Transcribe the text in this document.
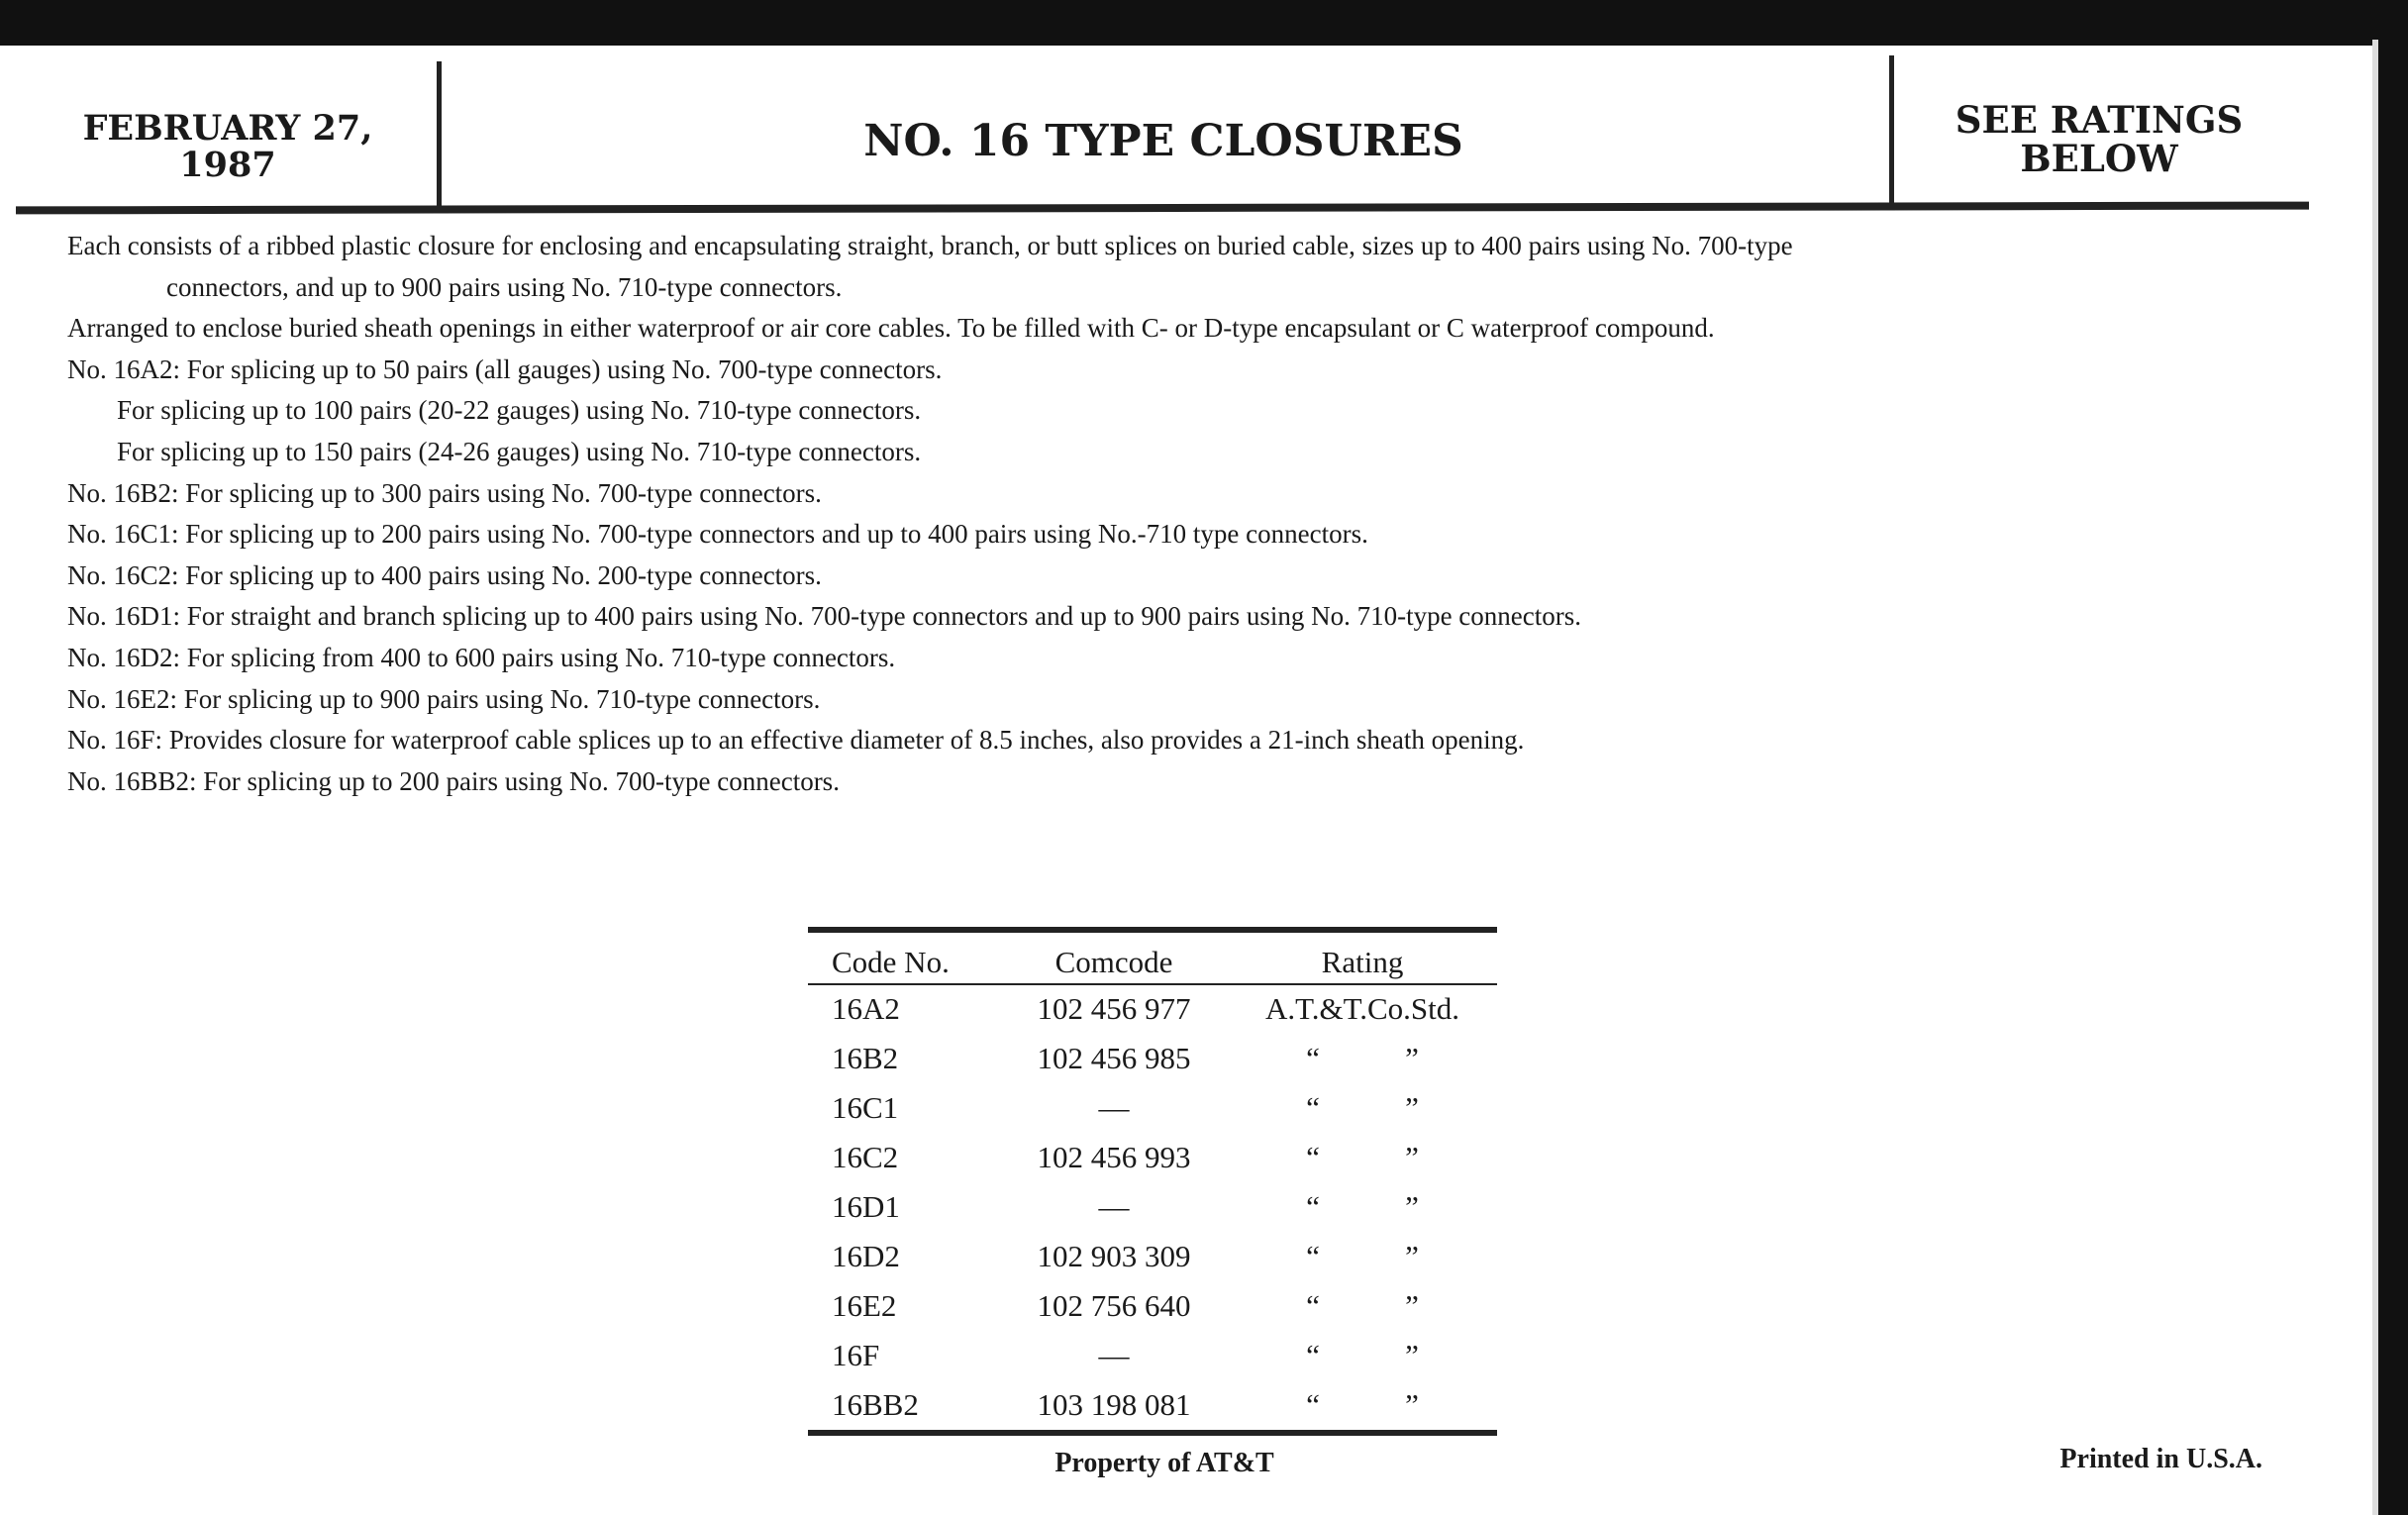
FEBRUARY 27,
1987	NO. 16 TYPE CLOSURES	SEE RATINGS
BELOW
Each consists of a ribbed plastic closure for enclosing and encapsulating straight, branch, or butt splices on buried cable, sizes up to 400 pairs using No. 700-type
connectors, and up to 900 pairs using No. 710-type connectors.
Arranged to enclose buried sheath openings in either waterproof or air core cables. To be filled with C- or D-type encapsulant or C waterproof compound.
No. 16A2: For splicing up to 50 pairs (all gauges) using No. 700-type connectors.
For splicing up to 100 pairs (20-22 gauges) using No. 710-type connectors.
For splicing up to 150 pairs (24-26 gauges) using No. 710-type connectors.
No. 16B2: For splicing up to 300 pairs using No. 700-type connectors.
No. 16C1: For splicing up to 200 pairs using No. 700-type connectors and up to 400 pairs using No.-710 type connectors.
No. 16C2: For splicing up to 400 pairs using No. 200-type connectors.
No. 16D1: For straight and branch splicing up to 400 pairs using No. 700-type connectors and up to 900 pairs using No. 710-type connectors.
No. 16D2: For splicing from 400 to 600 pairs using No. 710-type connectors.
No. 16E2: For splicing up to 900 pairs using No. 710-type connectors.
No. 16F: Provides closure for waterproof cable splices up to an effective diameter of 8.5 inches, also provides a 21-inch sheath opening.
No. 16BB2: For splicing up to 200 pairs using No. 700-type connectors.
Code No.	Comcode	Rating
16A2	102 456 977	A.T.&T.Co.Std.
16B2	102 456 985	“ ”
16C1	—	“ ”
16C2	102 456 993	“ ”
16D1	—	“ ”
16D2	102 903 309	“ ”
16E2	102 756 640	“ ”
16F	—	“ ”
16BB2	103 198 081	“ ”
Property of AT&T	Printed in U.S.A.
